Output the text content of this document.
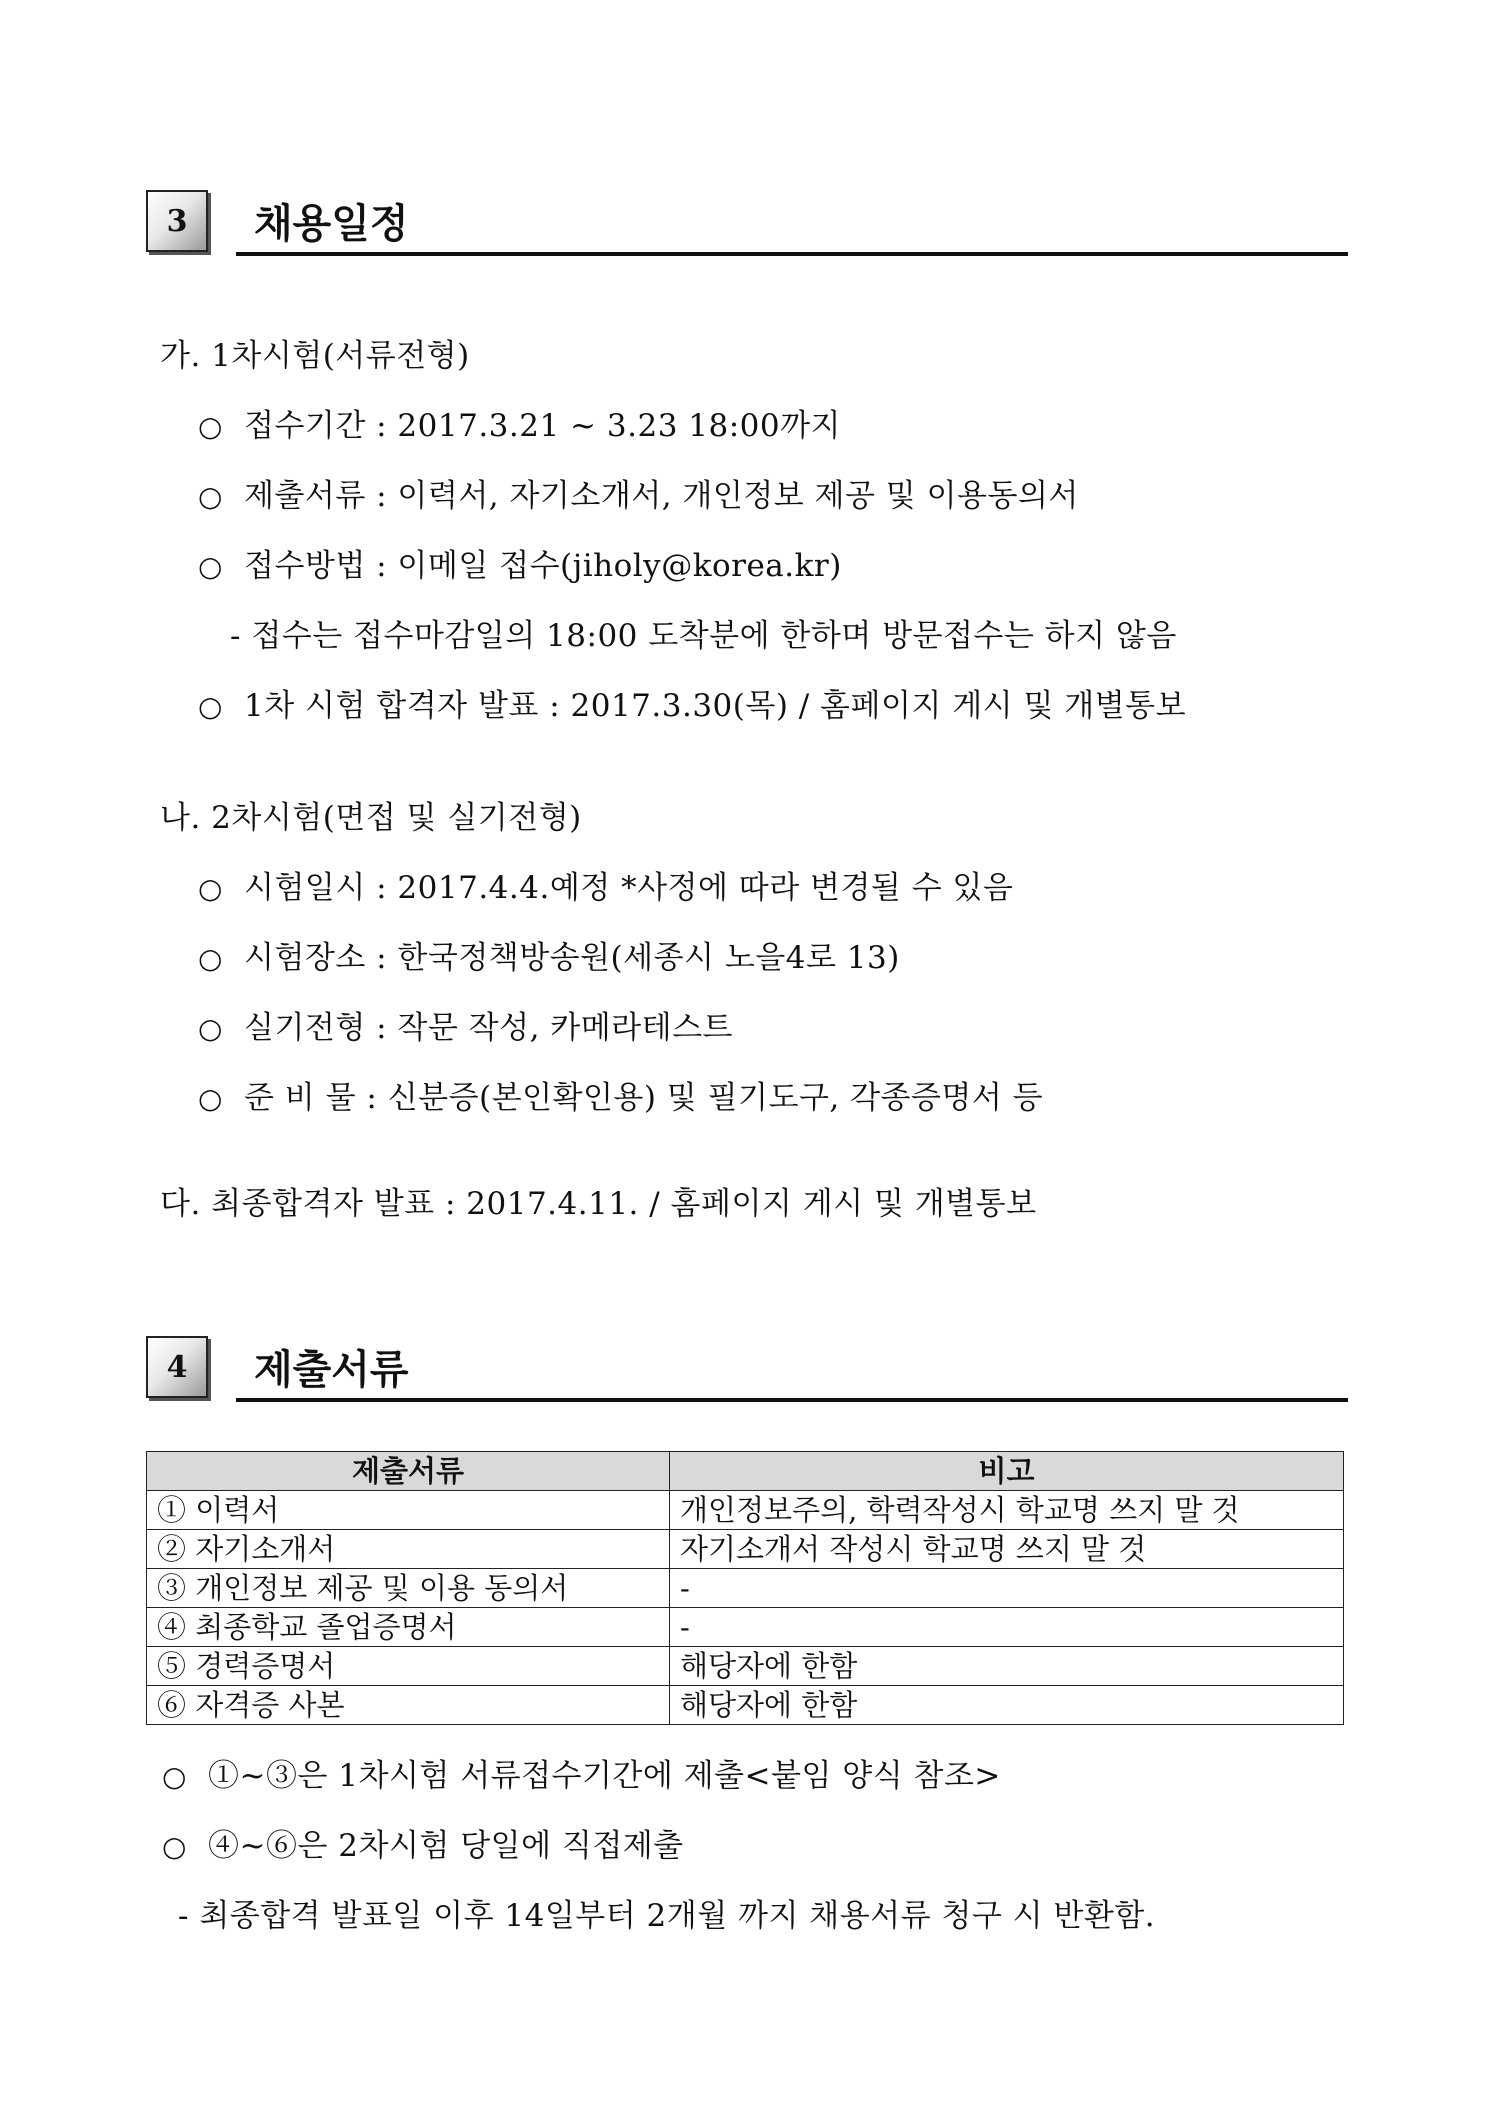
3	채용일정
가. 1차시험(서류전형)
○ 접수기간 : 2017.3.21 ~ 3.23 18:00까지
○ 제출서류 : 이력서, 자기소개서, 개인정보 제공 및 이용동의서
○ 접수방법 : 이메일 접수(jiholy@korea.kr)
- 접수는 접수마감일의 18:00 도착분에 한하며 방문접수는 하지 않음
○ 1차 시험 합격자 발표 : 2017.3.30(목) / 홈페이지 게시 및 개별통보
나. 2차시험(면접 및 실기전형)
○ 시험일시 : 2017.4.4.예정 *사정에 따라 변경될 수 있음
○ 시험장소 : 한국정책방송원(세종시 노을4로 13)
○ 실기전형 : 작문 작성, 카메라테스트
○ 준 비 물 : 신분증(본인확인용) 및 필기도구, 각종증명서 등
다. 최종합격자 발표 : 2017.4.11. / 홈페이지 게시 및 개별통보
4	제출서류
제출서류	비고
① 이력서	개인정보주의, 학력작성시 학교명 쓰지 말 것
② 자기소개서	자기소개서 작성시 학교명 쓰지 말 것
③ 개인정보 제공 및 이용 동의서	-
④ 최종학교 졸업증명서	-
⑤ 경력증명서	해당자에 한함
⑥ 자격증 사본	해당자에 한함
○ ①~③은 1차시험 서류접수기간에 제출<붙임 양식 참조>
○ ④~⑥은 2차시험 당일에 직접제출
- 최종합격 발표일 이후 14일부터 2개월 까지 채용서류 청구 시 반환함.
